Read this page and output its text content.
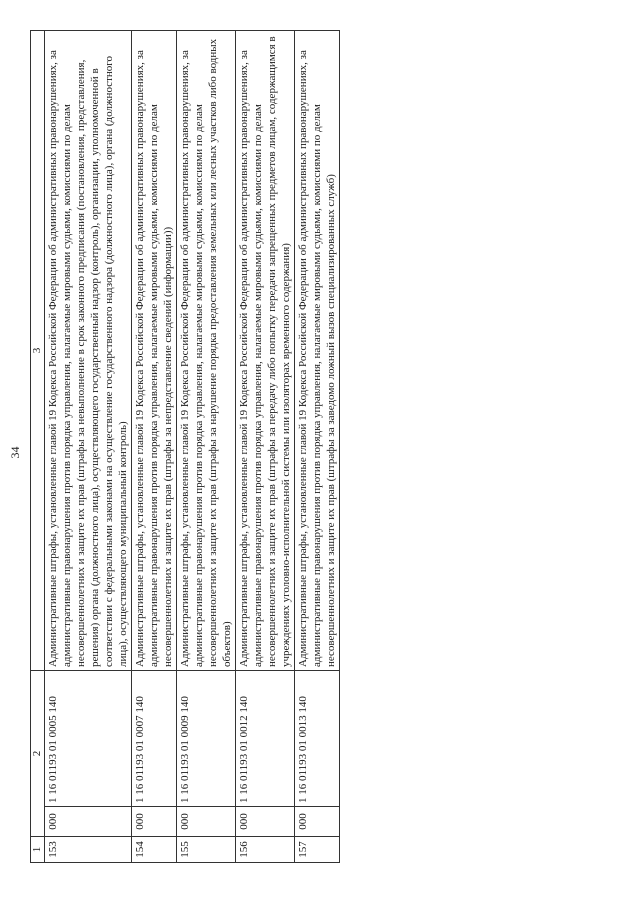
34
1	2		3
153	000	1 16 01193 01 0005 140	Административные штрафы, установленные главой 19 Кодекса Российской Федерации об административных правонарушениях, за административные правонарушения против порядка управления, налагаемые мировыми судьями, комиссиями по делам несовершеннолетних и защите их прав (штрафы за невыполнение в срок законного предписания (постановления, представления, решения) органа (должностного лица), осуществляющего государственный надзор (контроль), организации, уполномоченной в соответствии с федеральными законами на осуществление государственного надзора (должностного лица), органа (должностного лица), осуществляющего муниципальный контроль)
154	000	1 16 01193 01 0007 140	Административные штрафы, установленные главой 19 Кодекса Российской Федерации об административных правонарушениях, за административные правонарушения против порядка управления, налагаемые мировыми судьями, комиссиями по делам несовершеннолетних и защите их прав (штрафы за непредставление сведений (информации))
155	000	1 16 01193 01 0009 140	Административные штрафы, установленные главой 19 Кодекса Российской Федерации об административных правонарушениях, за административные правонарушения против порядка управления, налагаемые мировыми судьями, комиссиями по делам несовершеннолетних и защите их прав (штрафы за нарушение порядка предоставления земельных или лесных участков либо водных объектов)
156	000	1 16 01193 01 0012 140	Административные штрафы, установленные главой 19 Кодекса Российской Федерации об административных правонарушениях, за административные правонарушения против порядка управления, налагаемые мировыми судьями, комиссиями по делам несовершеннолетних и защите их прав (штрафы за передачу либо попытку передачи запрещенных предметов лицам, содержащимся в учреждениях уголовно-исполнительной системы или изоляторах временного содержания)
157	000	1 16 01193 01 0013 140	Административные штрафы, установленные главой 19 Кодекса Российской Федерации об административных правонарушениях, за административные правонарушения против порядка управления, налагаемые мировыми судьями, комиссиями по делам несовершеннолетних и защите их прав (штрафы за заведомо ложный вызов специализированных служб)
